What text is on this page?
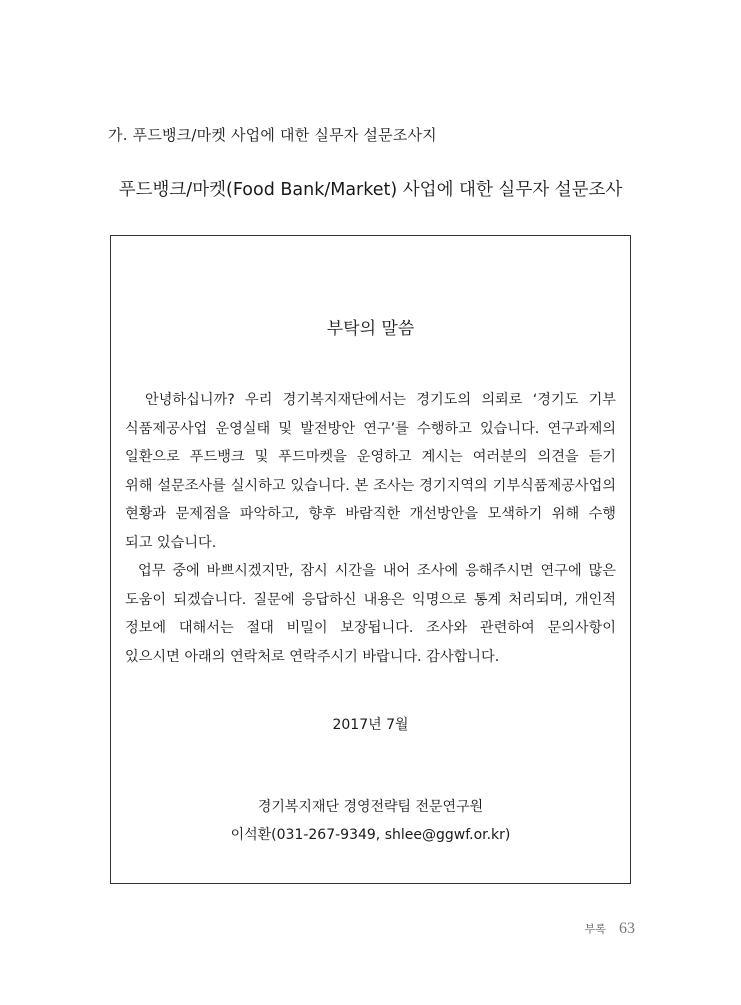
가. 푸드뱅크/마켓 사업에 대한 실무자 설문조사지
푸드뱅크/마켓(Food Bank/Market) 사업에 대한 실무자 설문조사
부탁의 말씀
안녕하십니까? 우리 경기복지재단에서는 경기도의 의뢰로 ‘경기도 기부
식품제공사업 운영실태 및 발전방안 연구’를 수행하고 있습니다. 연구과제의
일환으로 푸드뱅크 및 푸드마켓을 운영하고 계시는 여러분의 의견을 듣기
위해 설문조사를 실시하고 있습니다. 본 조사는 경기지역의 기부식품제공사업의
현황과 문제점을 파악하고, 향후 바람직한 개선방안을 모색하기 위해 수행
되고 있습니다.
업무 중에 바쁘시겠지만, 잠시 시간을 내어 조사에 응해주시면 연구에 많은
도움이 되겠습니다. 질문에 응답하신 내용은 익명으로 통계 처리되며, 개인적
정보에 대해서는 절대 비밀이 보장됩니다. 조사와 관련하여 문의사항이
있으시면 아래의 연락처로 연락주시기 바랍니다. 감사합니다.
2017년 7월
경기복지재단 경영전략팀 전문연구원
이석환(031-267-9349, shlee@ggwf.or.kr)
부록 63
